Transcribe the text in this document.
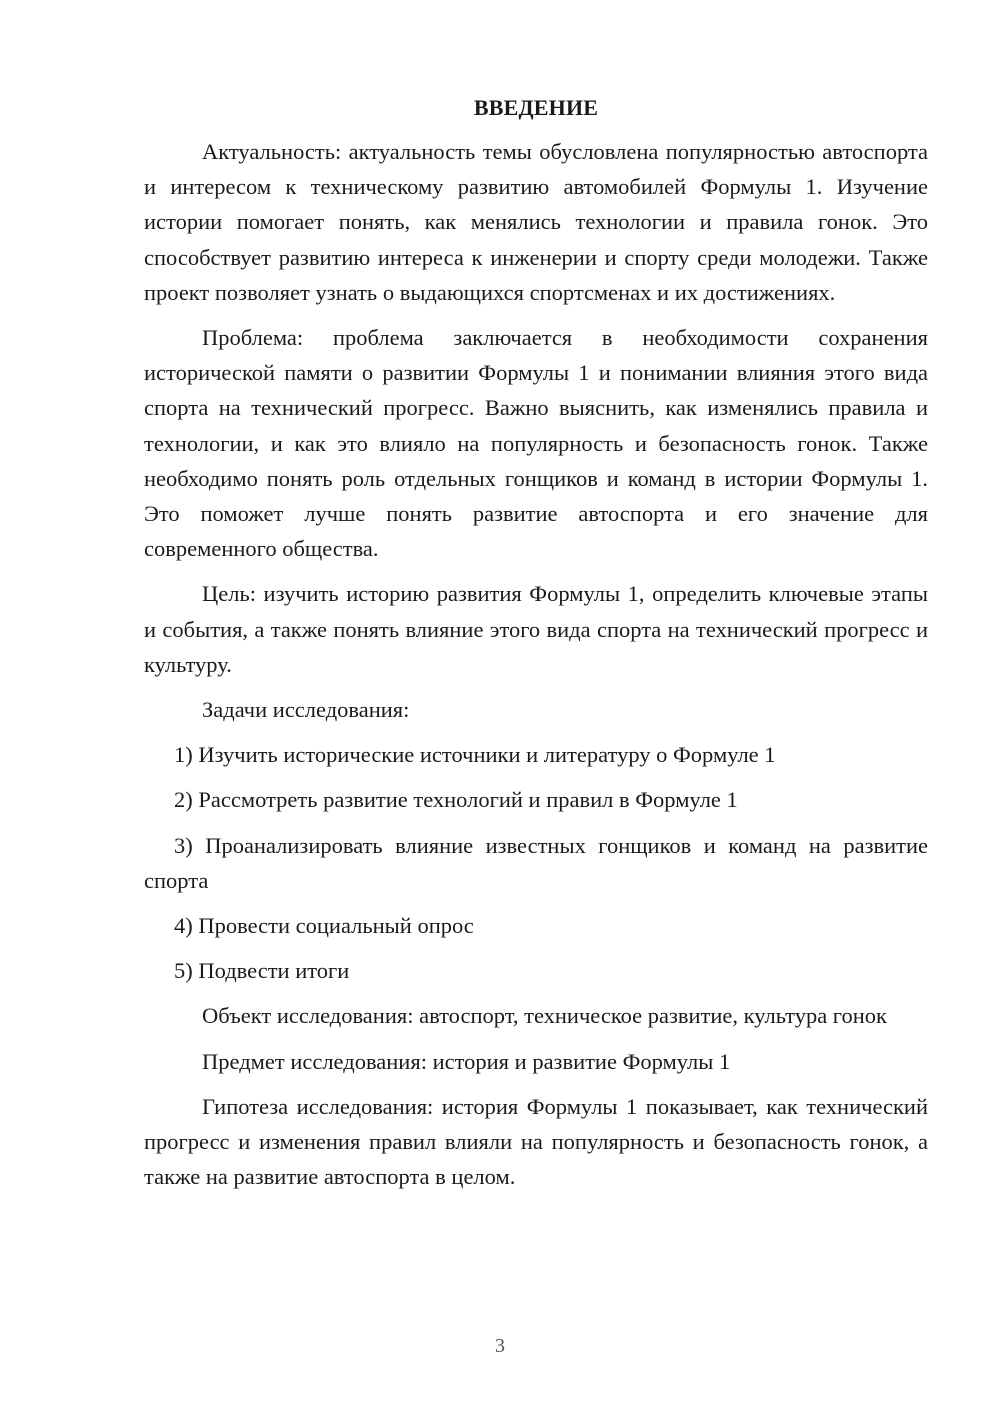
ВВЕДЕНИЕ

Актуальность: актуальность темы обусловлена популярностью автоспорта и интересом к техническому развитию автомобилей Формулы 1. Изучение истории помогает понять, как менялись технологии и правила гонок. Это способствует развитию интереса к инженерии и спорту среди молодежи. Также проект позволяет узнать о выдающихся спортсменах и их достижениях.

Проблема: проблема заключается в необходимости сохранения исторической памяти о развитии Формулы 1 и понимании влияния этого вида спорта на технический прогресс. Важно выяснить, как изменялись правила и технологии, и как это влияло на популярность и безопасность гонок. Также необходимо понять роль отдельных гонщиков и команд в истории Формулы 1. Это поможет лучше понять развитие автоспорта и его значение для современного общества.

Цель: изучить историю развития Формулы 1, определить ключевые этапы и события, а также понять влияние этого вида спорта на технический прогресс и культуру.

Задачи исследования:

1) Изучить исторические источники и литературу о Формуле 1

2) Рассмотреть развитие технологий и правил в Формуле 1

3) Проанализировать влияние известных гонщиков и команд на развитие спорта

4) Провести социальный опрос

5) Подвести итоги

Объект исследования: автоспорт, техническое развитие, культура гонок

Предмет исследования: история и развитие Формулы 1

Гипотеза исследования: история Формулы 1 показывает, как технический прогресс и изменения правил влияли на популярность и безопасность гонок, а также на развитие автоспорта в целом.

3
